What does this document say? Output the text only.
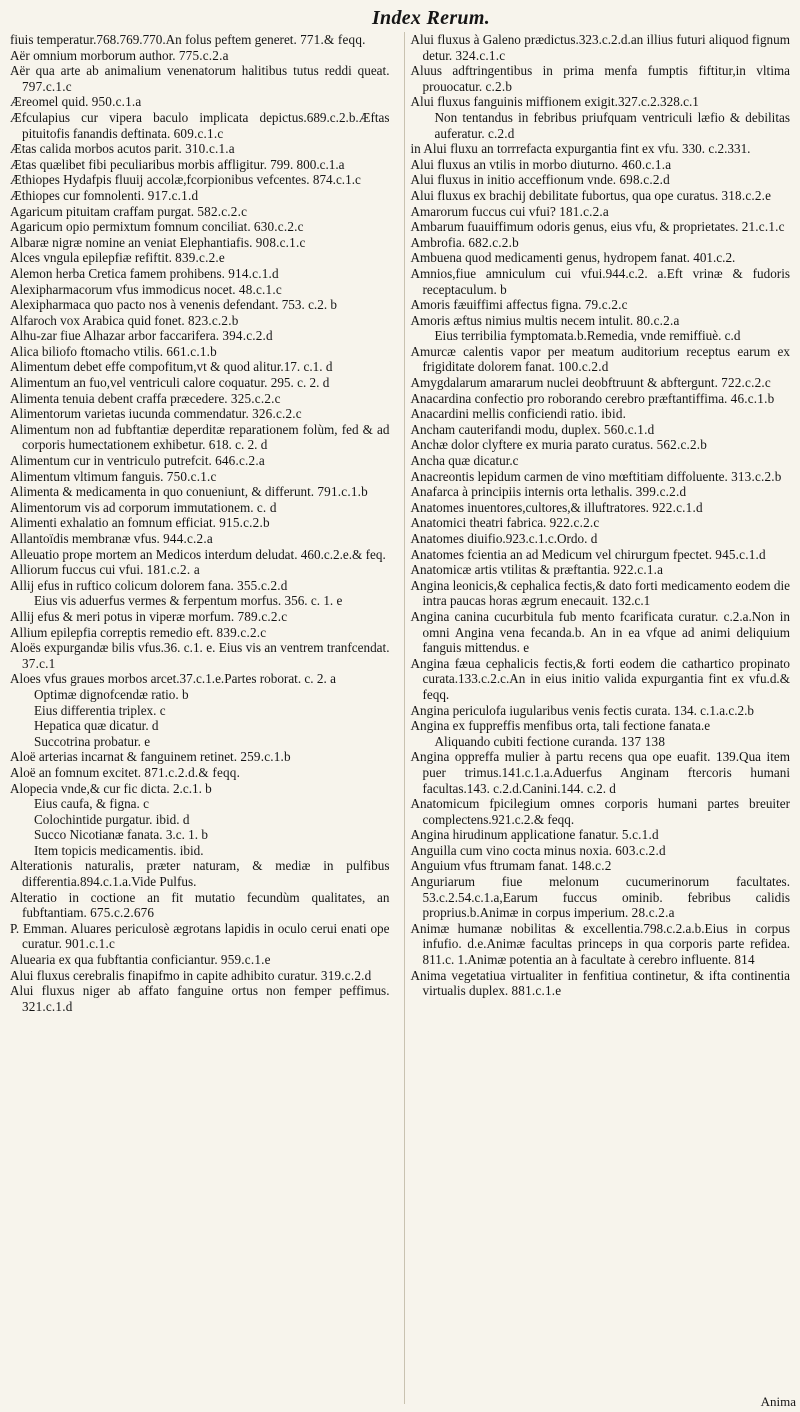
Index Rerum.
fiuis temperatur.768.769.770.An folus peftem generet. 771.& feqq.
Aër omnium morborum author. 775.c.2.a
Aër qua arte ab animalium venenatorum halitibus tutus reddi queat. 797.c.1.c
Æreomel quid. 950.c.1.a
Æfculapius cur vipera baculo implicata depictus.689.c.2.b.Æftas pituitofis fanandis deftinata. 609.c.1.c
Ætas calida morbos acutos parit. 310.c.1.a
Ætas quælibet fibi peculiaribus morbis affligitur. 799. 800.c.1.a
Æthiopes Hydafpis fluuij accolæ,fcorpionibus vefcentes. 874.c.1.c
Æthiopes cur fomnolenti. 917.c.1.d
Agaricum pituitam craffam purgat. 582.c.2.c
Agaricum opio permixtum fomnum conciliat. 630.c.2.c
Albaræ nigræ nomine an veniat Elephantiafis. 908.c.1.c
Alces vngula epilepfiæ refiftit. 839.c.2.e
Alemon herba Cretica famem prohibens. 914.c.1.d
Alexipharmacorum vfus immodicus nocet. 48.c.1.c
Alexipharmaca quo pacto nos à venenis defendant. 753. c.2. b
Alfaroch vox Arabica quid fonet. 823.c.2.b
Alhu-zar fiue Alhazar arbor faccarifera. 394.c.2.d
Alica biliofo ftomacho vtilis. 661.c.1.b
Alimentum debet effe compofitum,vt & quod alitur.17. c.1. d
Alimentum an fuo,vel ventriculi calore coquatur. 295. c. 2. d
Alimenta tenuia debent craffa præcedere. 325.c.2.c
Alimentorum varietas iucunda commendatur. 326.c.2.c
Alimentum non ad fubftantiæ deperditæ reparationem folùm, fed & ad corporis humectationem exhibetur. 618. c. 2. d
Alimentum cur in ventriculo putrefcit. 646.c.2.a
Alimentum vltimum fanguis. 750.c.1.c
Alimenta & medicamenta in quo conueniunt, & differunt. 791.c.1.b
Alimentorum vis ad corporum immutationem. c. d
Alimenti exhalatio an fomnum efficiat. 915.c.2.b
Allantoïdis membranæ vfus. 944.c.2.a
Alleuatio prope mortem an Medicos interdum deludat. 460.c.2.e.& feq.
Alliorum fuccus cui vfui. 181.c.2. a
Allij efus in ruftico colicum dolorem fana. 355.c.2.d
Eius vis aduerfus vermes & ferpentum morfus. 356. c. 1. e
Allij efus & meri potus in viperæ morfum. 789.c.2.c
Allium epilepfia correptis remedio eft. 839.c.2.c
Aloës expurgandæ bilis vfus.36. c.1. e. Eius vis an ventrem tranfcendat. 37.c.1
Aloes vfus graues morbos arcet.37.c.1.e.Partes roborat. c. 2. a
Optimæ dignofcendæ ratio. b
Eius differentia triplex. c
Hepatica quæ dicatur. d
Succotrina probatur. e
Aloë arterias incarnat & fanguinem retinet. 259.c.1.b
Aloë an fomnum excitet. 871.c.2.d.& feqq.
Alopecia vnde,& cur fic dicta. 2.c.1. b
Eius caufa, & figna. c
Colochintide purgatur. ibid. d
Succo Nicotianæ fanata. 3.c. 1. b
Item topicis medicamentis. ibid.
Alterationis naturalis, præter naturam, & mediæ in pulfibus differentia.894.c.1.a.Vide Pulfus.
Alteratio in coctione an fit mutatio fecundùm qualitates, an fubftantiam. 675.c.2.676
P. Emman. Aluares periculosè ægrotans lapidis in oculo cerui enati ope curatur. 901.c.1.c
Aluearia ex qua fubftantia conficiantur. 959.c.1.e
Alui fluxus cerebralis finapifmo in capite adhibito curatur. 319.c.2.d
Alui fluxus niger ab affato fanguine ortus non femper peffimus. 321.c.1.d
Alui fluxus à Galeno prædictus.323.c.2.d.an illius futuri aliquod fignum detur. 324.c.1.c
Aluus adftringentibus in prima menfa fumptis fiftitur,in vltima prouocatur. c.2.b
Alui fluxus fanguinis miffionem exigit.327.c.2.328.c.1
Non tentandus in febribus priufquam ventriculi læfio & debilitas auferatur. c.2.d
in Alui fluxu an torrrefacta expurgantia fint ex vfu. 330. c.2.331.
Alui fluxus an vtilis in morbo diuturno. 460.c.1.a
Alui fluxus in initio acceffionum vnde. 698.c.2.d
Alui fluxus ex brachij debilitate fubortus, qua ope curatus. 318.c.2.e
Amarorum fuccus cui vfui? 181.c.2.a
Ambarum fuauiffimum odoris genus, eius vfu, & proprietates. 21.c.1.c
Ambrofia. 682.c.2.b
Ambuena quod medicamenti genus, hydropem fanat. 401.c.2.
Amnios,fiue amniculum cui vfui.944.c.2. a.Eft vrinæ & fudoris receptaculum. b
Amoris fæuiffimi affectus figna. 79.c.2.c
Amoris æftus nimius multis necem intulit. 80.c.2.a
Eius terribilia fymptomata.b.Remedia, vnde remiffiuè. c.d
Amurcæ calentis vapor per meatum auditorium receptus earum ex frigiditate dolorem fanat. 100.c.2.d
Amygdalarum amararum nuclei deobftruunt & abftergunt. 722.c.2.c
Anacardina confectio pro roborando cerebro præftantiffima. 46.c.1.b
Anacardini mellis conficiendi ratio. ibid.
Ancham cauterifandi modu, duplex. 560.c.1.d
Anchæ dolor clyftere ex muria parato curatus. 562.c.2.b
Ancha quæ dicatur.c
Anacreontis lepidum carmen de vino mœftitiam diffoluente. 313.c.2.b
Anafarca à principiis internis orta lethalis. 399.c.2.d
Anatomes inuentores,cultores,& illuftratores. 922.c.1.d
Anatomici theatri fabrica. 922.c.2.c
Anatomes diuifio.923.c.1.c.Ordo. d
Anatomes fcientia an ad Medicum vel chirurgum fpectet. 945.c.1.d
Anatomicæ artis vtilitas & præftantia. 922.c.1.a
Angina leonicis,& cephalica fectis,& dato forti medicamento eodem die intra paucas horas ægrum enecauit. 132.c.1
Angina canina cucurbitula fub mento fcarificata curatur. c.2.a.Non in omni Angina vena fecanda.b. An in ea vfque ad animi deliquium fanguis mittendus. e
Angina fæua cephalicis fectis,& forti eodem die cathartico propinato curata.133.c.2.c.An in eius initio valida expurgantia fint ex vfu.d.& feqq.
Angina periculofa iugularibus venis fectis curata. 134. c.1.a.c.2.b
Angina ex fuppreffis menfibus orta, tali fectione fanata.e
Aliquando cubiti fectione curanda. 137 138
Angina oppreffa mulier à partu recens qua ope euafit. 139.Qua item puer trimus.141.c.1.a.Aduerfus Anginam ftercoris humani facultas.143. c.2.d.Canini.144. c.2. d
Anatomicum fpicilegium omnes corporis humani partes breuiter complectens.921.c.2.& feqq.
Angina hirudinum applicatione fanatur. 5.c.1.d
Anguilla cum vino cocta minus noxia. 603.c.2.d
Anguium vfus ftrumam fanat. 148.c.2
Anguriarum fiue melonum cucumerinorum facultates. 53.c.2.54.c.1.a,Earum fuccus ominib. febribus calidis proprius.b.Animæ in corpus imperium. 28.c.2.a
Animæ humanæ nobilitas & excellentia.798.c.2.a.b.Eius in corpus infufio. d.e.Animæ facultas princeps in qua corporis parte refidea. 811.c. 1.Animæ potentia an à facultate à cerebro influente. 814
Anima vegetatiua virtualiter in fenfitiua continetur, & ifta continentia virtualis duplex. 881.c.1.e
Anima
